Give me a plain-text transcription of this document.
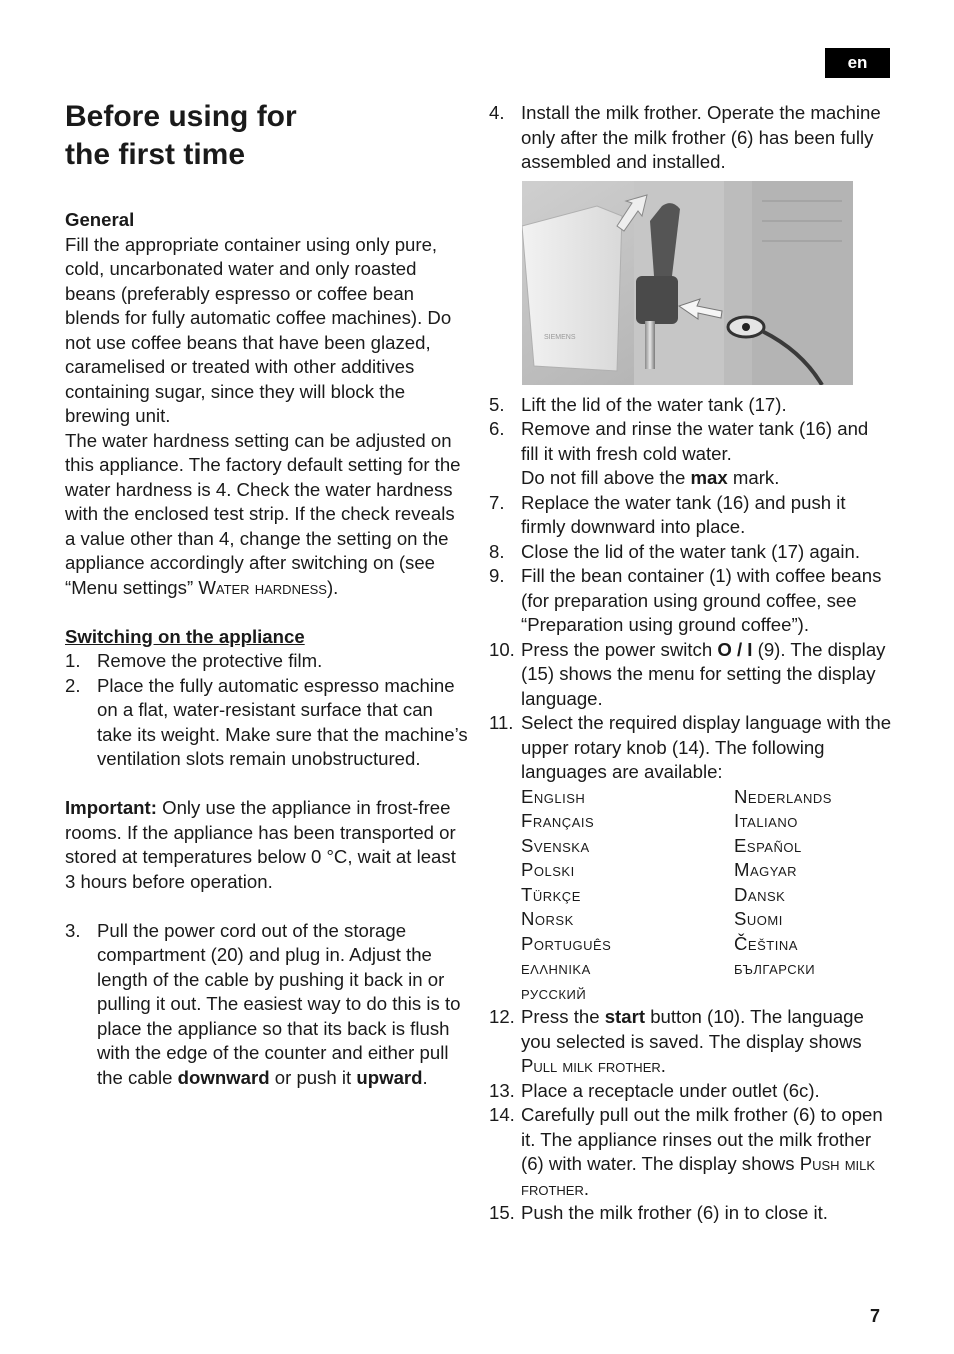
en
Before using for
the first time
General

Fill the appropriate container using only pure, cold, uncarbonated water and only roasted beans (preferably espresso or coffee bean blends for fully automatic coffee machines). Do not use coffee beans that have been glazed, caramelised or treated with other additives containing sugar, since they will block the brewing unit.

The water hardness setting can be adjusted on this appliance. The factory default setting for the water hardness is 4. Check the water hardness with the enclosed test strip. If the check reveals a value other than 4, change the setting on the appliance accordingly after switching on (see “Menu settings” Water hardness).

Switching on the appliance
1. Remove the protective film.
2. Place the fully automatic espresso machine on a flat, water-resistant surface that can take its weight. Make sure that the machine’s ventilation slots remain unobstructured.

Important: Only use the appliance in frost-free rooms. If the appliance has been transported or stored at temperatures below 0 °C, wait at least 3 hours before operation.

3. Pull the power cord out of the storage compartment (20) and plug in. Adjust the length of the cable by pushing it back in or pulling it out. The easiest way to do this is to place the appliance so that its back is flush with the edge of the counter and either pull the cable downward or push it upward.
4. Install the milk frother. Operate the machine only after the milk frother (6) has been fully assembled and installed.
SIEMENS
5. Lift the lid of the water tank (17).
6. Remove and rinse the water tank (16) and fill it with fresh cold water.
Do not fill above the max mark.
7. Replace the water tank (16) and push it firmly downward into place.
8. Close the lid of the water tank (17) again.
9. Fill the bean container (1) with coffee beans (for preparation using ground coffee, see “Preparation using ground coffee”).
10. Press the power switch O / I (9). The display (15) shows the menu for setting the display language.
11. Select the required display language with the upper rotary knob (14). The following languages are available:
English	Nederlands
Français	Italiano
Svenska	Español
Polski	Magyar
Türkçe	Dansk
Norsk	Suomi
Português	Čeština
ελληνικα	български
русский
12. Press the start button (10). The language you selected is saved. The display shows Pull milk frother.
13. Place a receptacle under outlet (6c).
14. Carefully pull out the milk frother (6) to open it. The appliance rinses out the milk frother (6) with water. The display shows Push milk frother.
15. Push the milk frother (6) in to close it.
7
